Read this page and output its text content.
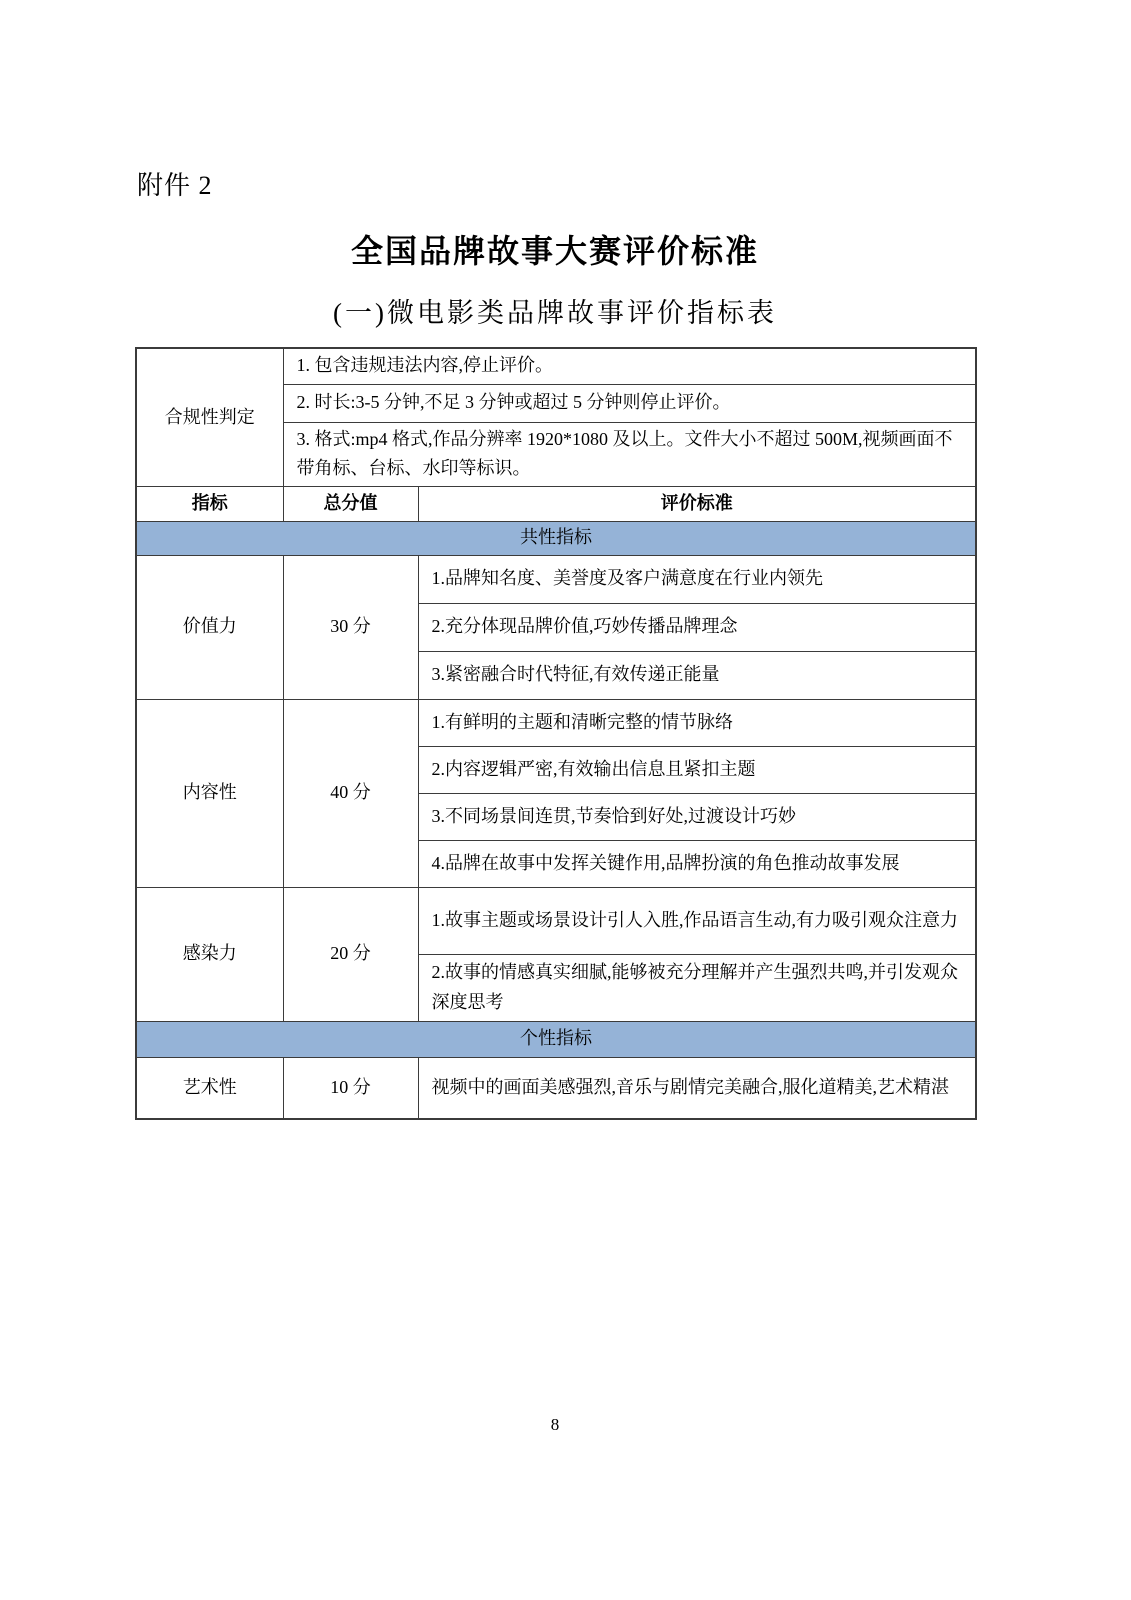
附件 2
全国品牌故事大赛评价标准
(一)微电影类品牌故事评价指标表
合规性判定	1. 包含违规违法内容,停止评价。	
	2. 时长:3-5 分钟,不足 3 分钟或超过 5 分钟则停止评价。	
	3. 格式:mp4 格式,作品分辨率 1920*1080 及以上。文件大小不超过 500M,视频画面不带角标、台标、水印等标识。	
指标	总分值	评价标准
共性指标		
价值力	30 分	1.品牌知名度、美誉度及客户满意度在行业内领先
		2.充分体现品牌价值,巧妙传播品牌理念
		3.紧密融合时代特征,有效传递正能量
内容性	40 分	1.有鲜明的主题和清晰完整的情节脉络
		2.内容逻辑严密,有效输出信息且紧扣主题
		3.不同场景间连贯,节奏恰到好处,过渡设计巧妙
		4.品牌在故事中发挥关键作用,品牌扮演的角色推动故事发展
感染力	20 分	1.故事主题或场景设计引人入胜,作品语言生动,有力吸引观众注意力
		2.故事的情感真实细腻,能够被充分理解并产生强烈共鸣,并引发观众深度思考
个性指标		
艺术性	10 分	视频中的画面美感强烈,音乐与剧情完美融合,服化道精美,艺术精湛
8
